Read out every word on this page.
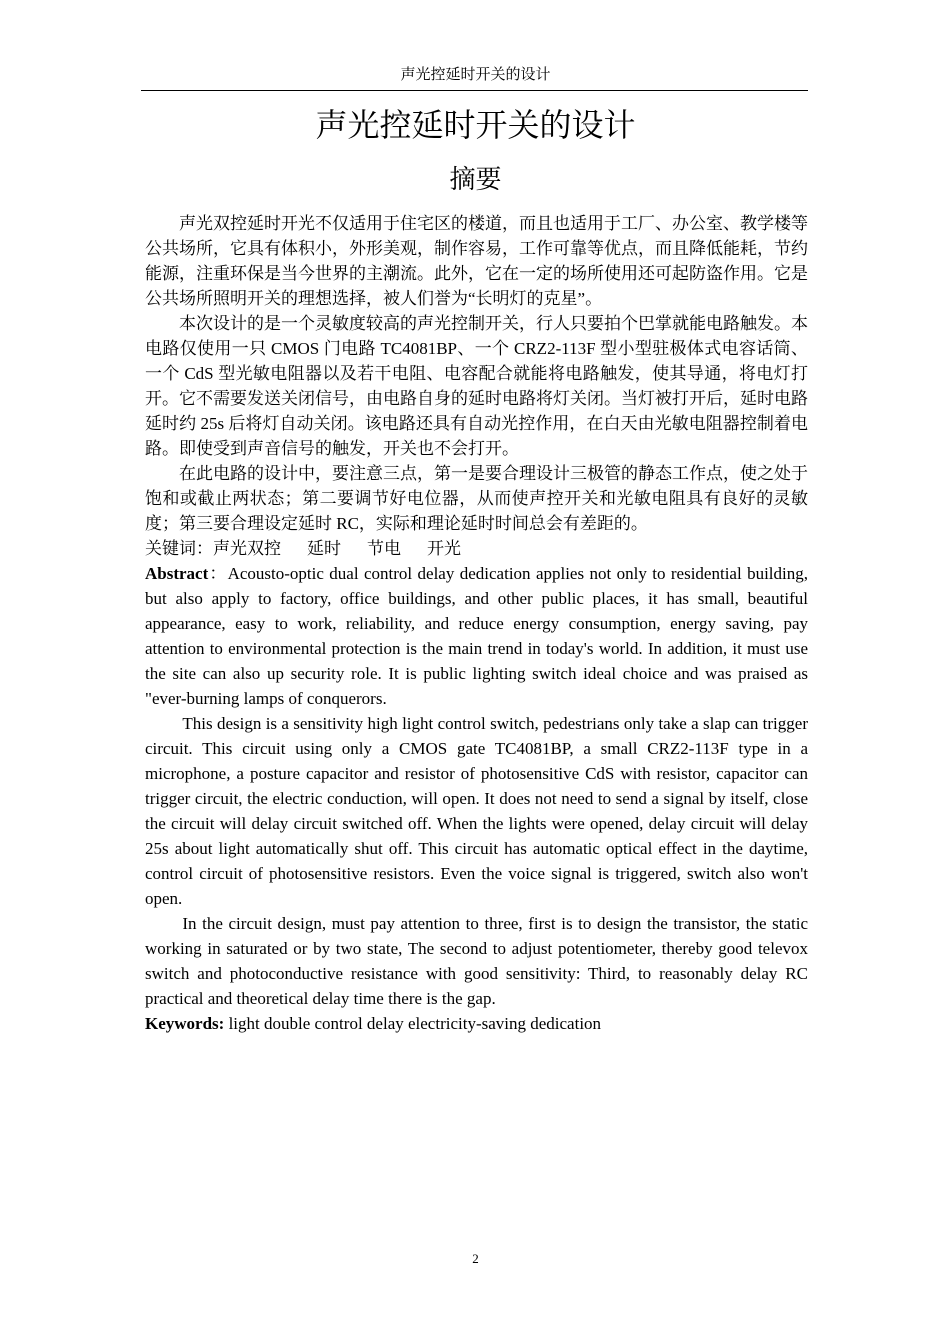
声光控延时开关的设计
声光控延时开关的设计
摘要

声光双控延时开光不仅适用于住宅区的楼道，而且也适用于工厂、办公室、教学楼等公共场所，它具有体积小，外形美观，制作容易，工作可靠等优点，而且降低能耗，节约能源，注重环保是当今世界的主潮流。此外，它在一定的场所使用还可起防盗作用。它是公共场所照明开关的理想选择，被人们誉为“长明灯的克星”。

本次设计的是一个灵敏度较高的声光控制开关，行人只要拍个巴掌就能电路触发。本电路仅使用一只 CMOS 门电路 TC4081BP、一个 CRZ2-113F 型小型驻极体式电容话筒、一个 CdS 型光敏电阻器以及若干电阻、电容配合就能将电路触发，使其导通，将电灯打开。它不需要发送关闭信号，由电路自身的延时电路将灯关闭。当灯被打开后，延时电路延时约 25s 后将灯自动关闭。该电路还具有自动光控作用，在白天由光敏电阻器控制着电路。即使受到声音信号的触发，开关也不会打开。

在此电路的设计中，要注意三点，第一是要合理设计三极管的静态工作点，使之处于饱和或截止两状态；第二要调节好电位器，从而使声控开关和光敏电阻具有良好的灵敏度；第三要合理设定延时 RC，实际和理论延时时间总会有差距的。

关键词：声光双控 延时 节电 开光

Abstract：Acousto-optic dual control delay dedication applies not only to residential building, but also apply to factory, office buildings, and other public places, it has small, beautiful appearance, easy to work, reliability, and reduce energy consumption, energy saving, pay attention to environmental protection is the main trend in today's world. In addition, it must use the site can also up security role. It is public lighting switch ideal choice and was praised as "ever-burning lamps of conquerors.

This design is a sensitivity high light control switch, pedestrians only take a slap can trigger circuit. This circuit using only a CMOS gate TC4081BP, a small CRZ2-113F type in a microphone, a posture capacitor and resistor of photosensitive CdS with resistor, capacitor can trigger circuit, the electric conduction, will open. It does not need to send a signal by itself, close the circuit will delay circuit switched off. When the lights were opened, delay circuit will delay 25s about light automatically shut off. This circuit has automatic optical effect in the daytime, control circuit of photosensitive resistors. Even the voice signal is triggered, switch also won't open.

In the circuit design, must pay attention to three, first is to design the transistor, the static working in saturated or by two state, The second to adjust potentiometer, thereby good televox switch and photoconductive resistance with good sensitivity: Third, to reasonably delay RC practical and theoretical delay time there is the gap.

Keywords: light double control delay electricity-saving dedication

2
